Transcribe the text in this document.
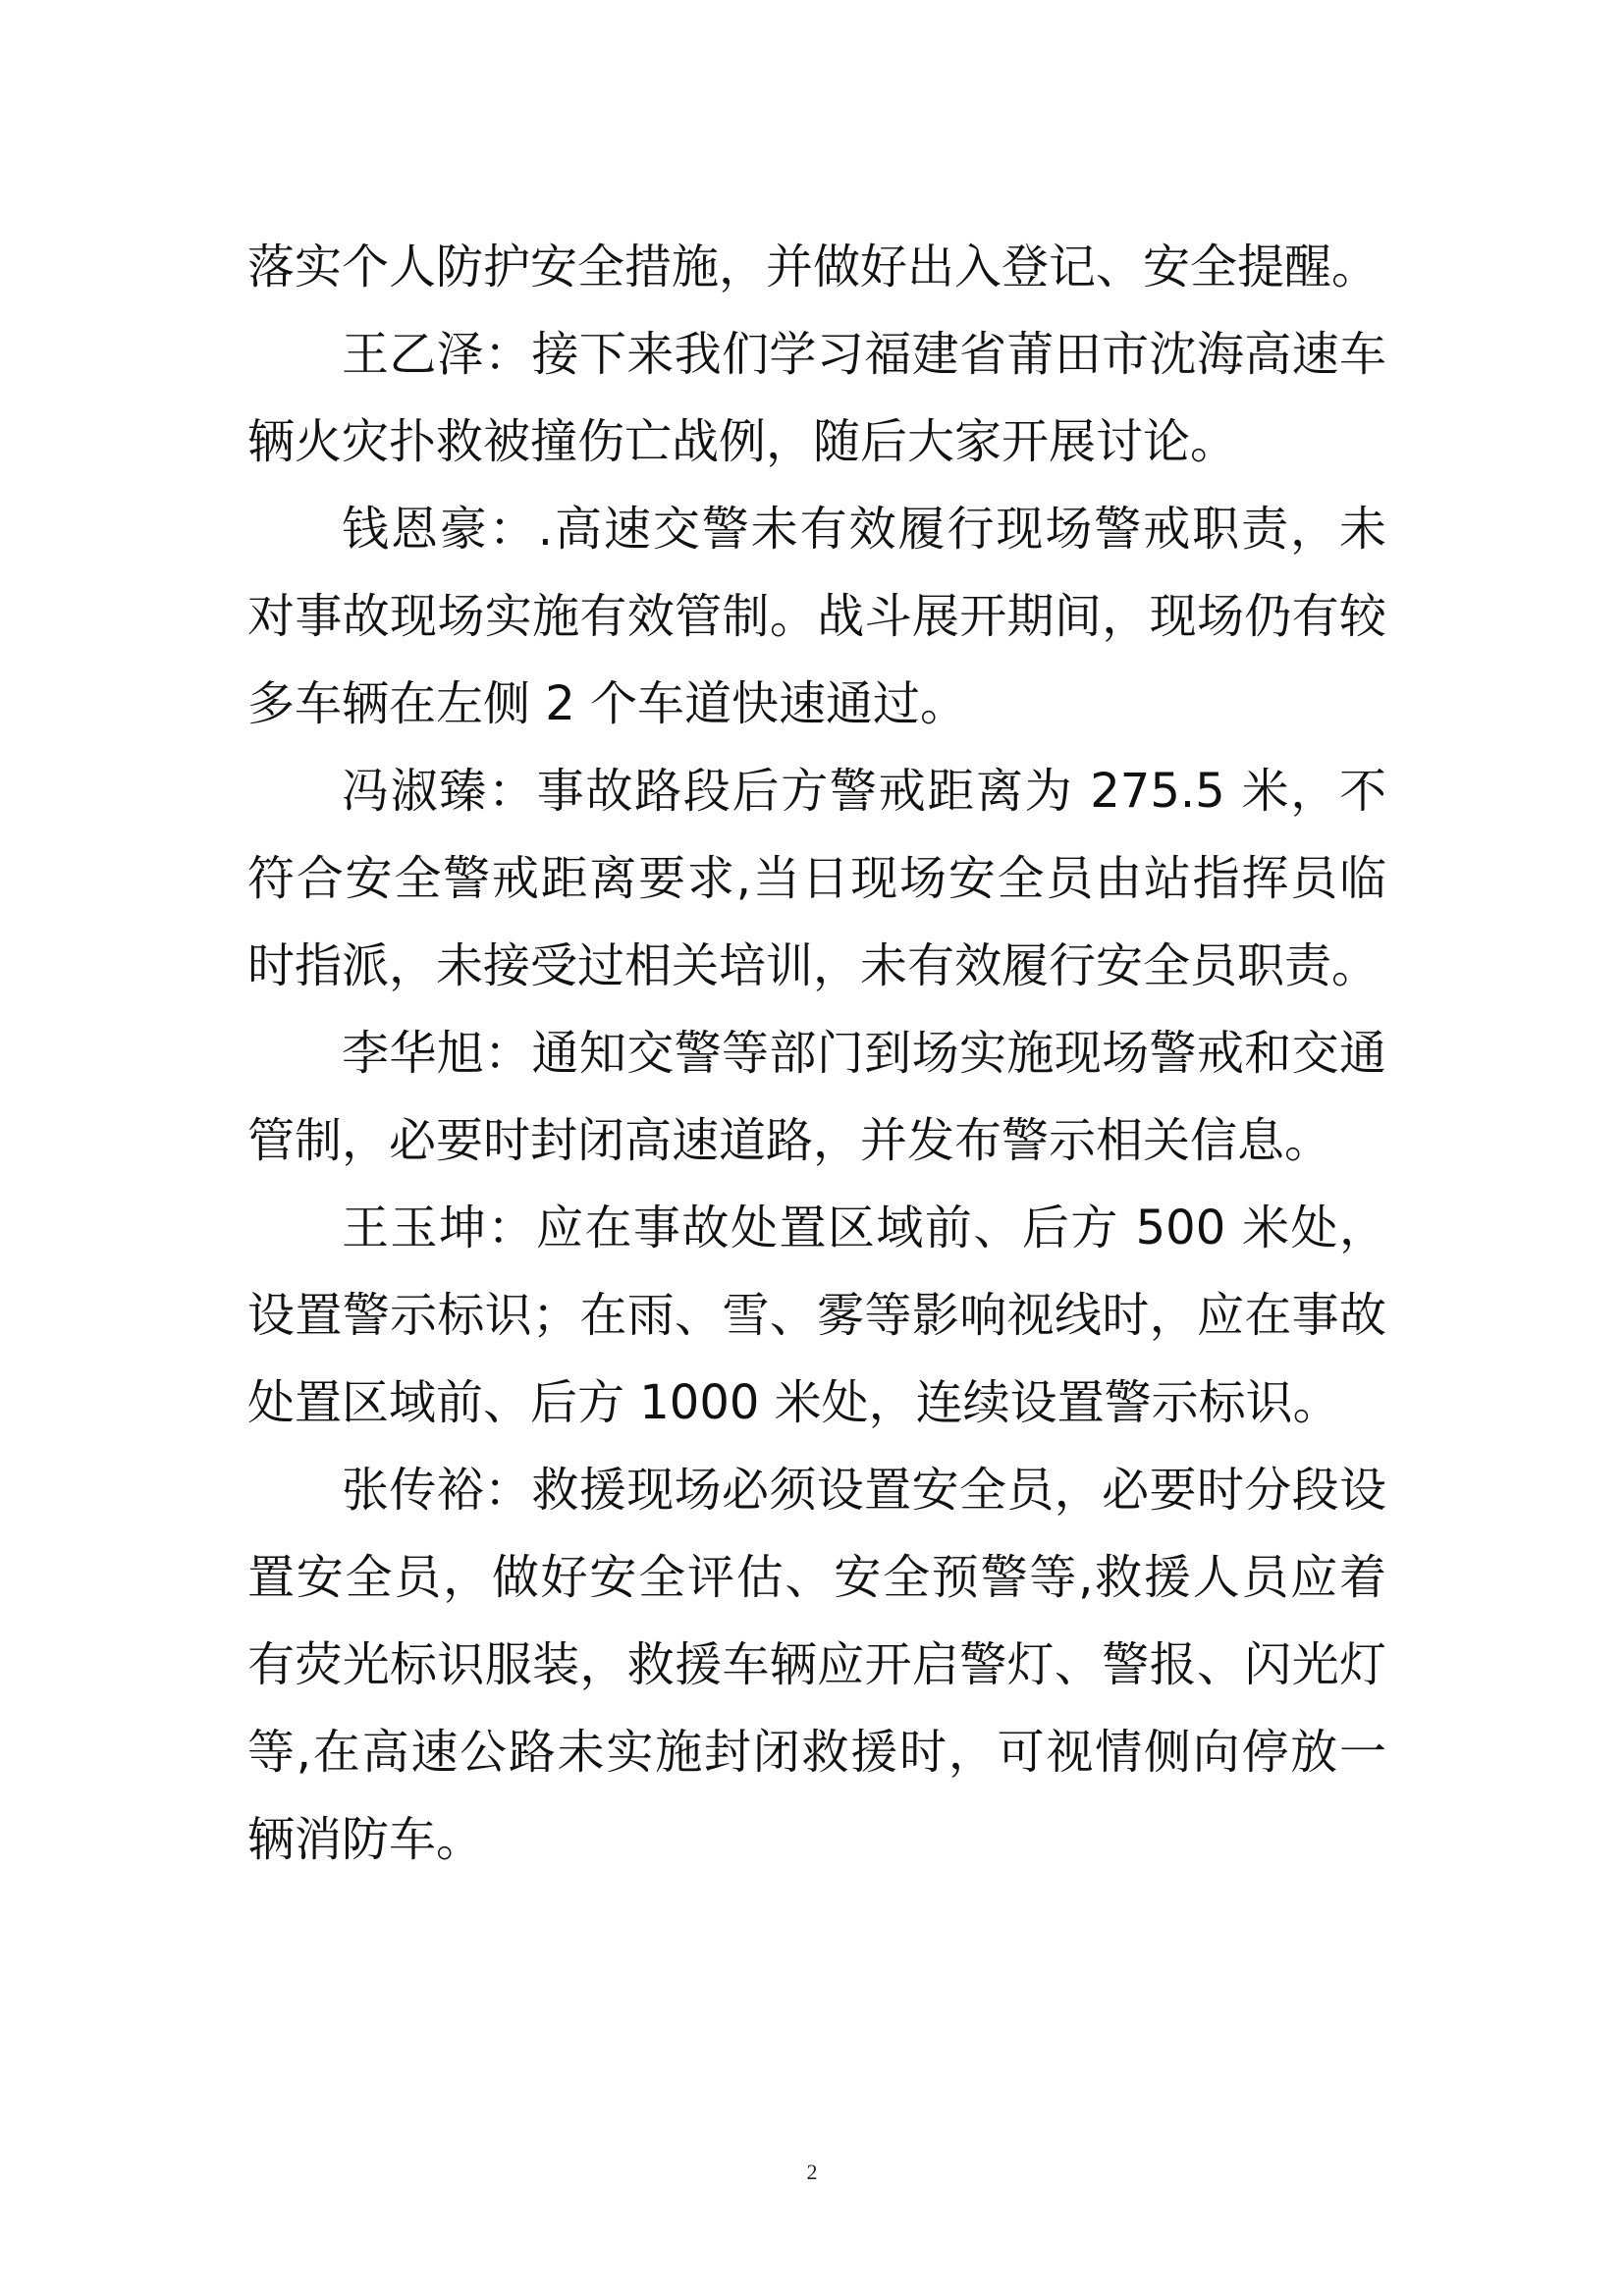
落实个人防护安全措施，并做好出入登记、安全提醒。

王乙泽：接下来我们学习福建省莆田市沈海高速车辆火灾扑救被撞伤亡战例，随后大家开展讨论。

钱恩豪：.高速交警未有效履行现场警戒职责，未对事故现场实施有效管制。战斗展开期间，现场仍有较多车辆在左侧 2 个车道快速通过。

冯淑臻：事故路段后方警戒距离为 275.5 米，不符合安全警戒距离要求,当日现场安全员由站指挥员临时指派，未接受过相关培训，未有效履行安全员职责。

李华旭：通知交警等部门到场实施现场警戒和交通管制，必要时封闭高速道路，并发布警示相关信息。

王玉坤：应在事故处置区域前、后方 500 米处，设置警示标识；在雨、雪、雾等影响视线时，应在事故处置区域前、后方 1000 米处，连续设置警示标识。

张传裕：救援现场必须设置安全员，必要时分段设置安全员，做好安全评估、安全预警等,救援人员应着有荧光标识服装，救援车辆应开启警灯、警报、闪光灯等,在高速公路未实施封闭救援时，可视情侧向停放一辆消防车。

2
